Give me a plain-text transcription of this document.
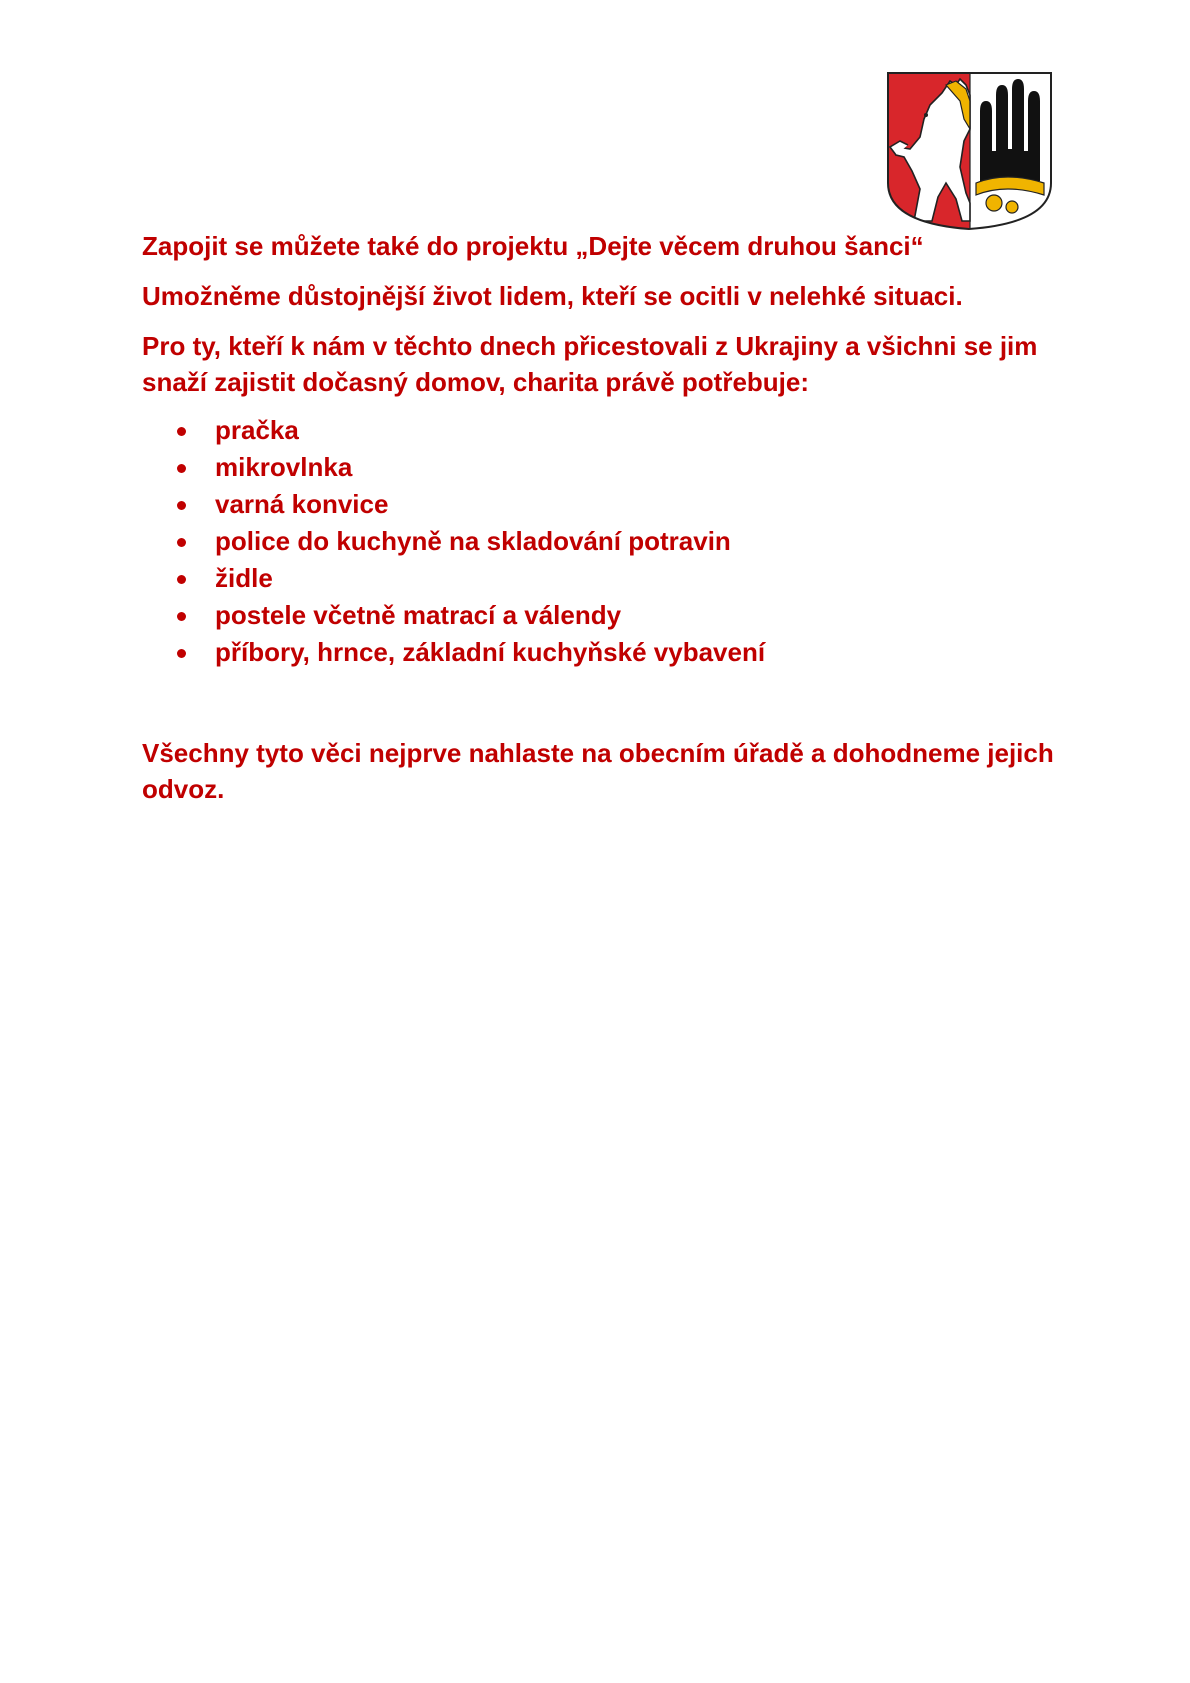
Zapojit se můžete také do projektu „Dejte věcem druhou šanci“

Umožněme důstojnější život lidem, kteří se ocitli v nelehké situaci.

Pro ty, kteří k nám v těchto dnech přicestovali z Ukrajiny a všichni se jim snaží zajistit dočasný domov, charita právě potřebuje:

pračka
mikrovlnka
varná konvice
police do kuchyně na skladování potravin
židle
postele včetně matrací a válendy
příbory, hrnce, základní kuchyňské vybavení

Všechny tyto věci nejprve nahlaste na obecním úřadě a dohodneme jejich odvoz.
